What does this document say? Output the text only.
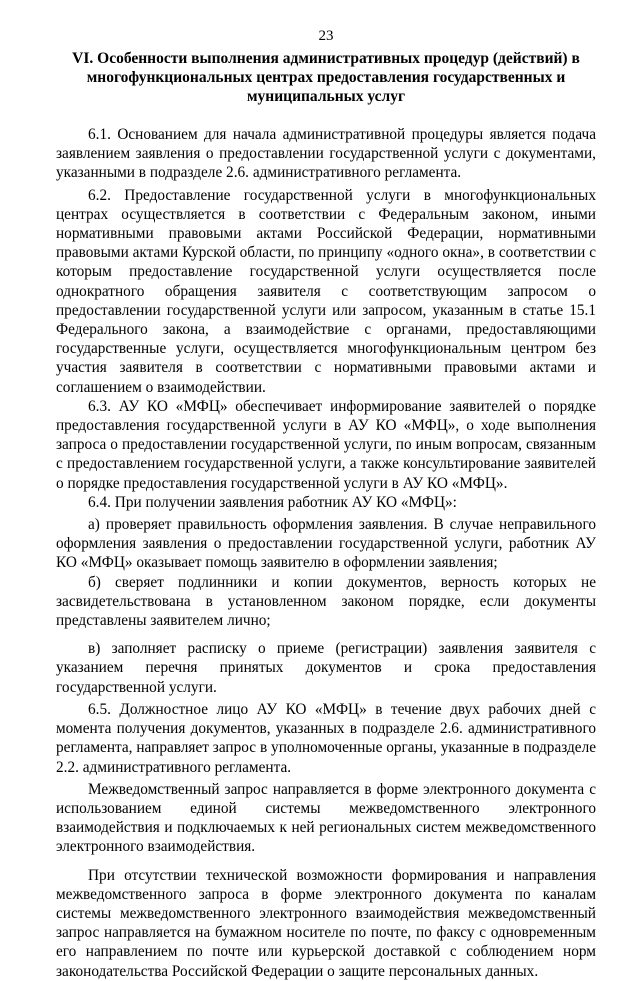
23
VI. Особенности выполнения административных процедур (действий) в многофункциональных центрах предоставления государственных и муниципальных услуг

6.1. Основанием для начала административной процедуры является подача заявлением заявления о предоставлении государственной услуги с документами, указанными в подразделе 2.6. административного регламента.

6.2. Предоставление государственной услуги в многофункциональных центрах осуществляется в соответствии с Федеральным законом, иными нормативными правовыми актами Российской Федерации, нормативными правовыми актами Курской области, по принципу «одного окна», в соответствии с которым предоставление государственной услуги осуществляется после однократного обращения заявителя с соответствующим запросом о предоставлении государственной услуги или запросом, указанным в статье 15.1 Федерального закона, а взаимодействие с органами, предоставляющими государственные услуги, осуществляется многофункциональным центром без участия заявителя в соответствии с нормативными правовыми актами и соглашением о взаимодействии.

6.3. АУ КО «МФЦ» обеспечивает информирование заявителей о порядке предоставления государственной услуги в АУ КО «МФЦ», о ходе выполнения запроса о предоставлении государственной услуги, по иным вопросам, связанным с предоставлением государственной услуги, а также консультирование заявителей о порядке предоставления государственной услуги в АУ КО «МФЦ».

6.4. При получении заявления работник АУ КО «МФЦ»:

а) проверяет правильность оформления заявления. В случае неправильного оформления заявления о предоставлении государственной услуги, работник АУ КО «МФЦ» оказывает помощь заявителю в оформлении заявления;

б) сверяет подлинники и копии документов, верность которых не засвидетельствована в установленном законом порядке, если документы представлены заявителем лично;

в) заполняет расписку о приеме (регистрации) заявления заявителя с указанием перечня принятых документов и срока предоставления государственной услуги.

6.5. Должностное лицо АУ КО «МФЦ» в течение двух рабочих дней с момента получения документов, указанных в подразделе 2.6. административного регламента, направляет запрос в уполномоченные органы, указанные в подразделе 2.2. административного регламента.

Межведомственный запрос направляется в форме электронного документа с использованием единой системы межведомственного электронного взаимодействия и подключаемых к ней региональных систем межведомственного электронного взаимодействия.

При отсутствии технической возможности формирования и направления межведомственного запроса в форме электронного документа по каналам системы межведомственного электронного взаимодействия межведомственный запрос направляется на бумажном носителе по почте, по факсу с одновременным его направлением по почте или курьерской доставкой с соблюдением норм законодательства Российской Федерации о защите персональных данных.
